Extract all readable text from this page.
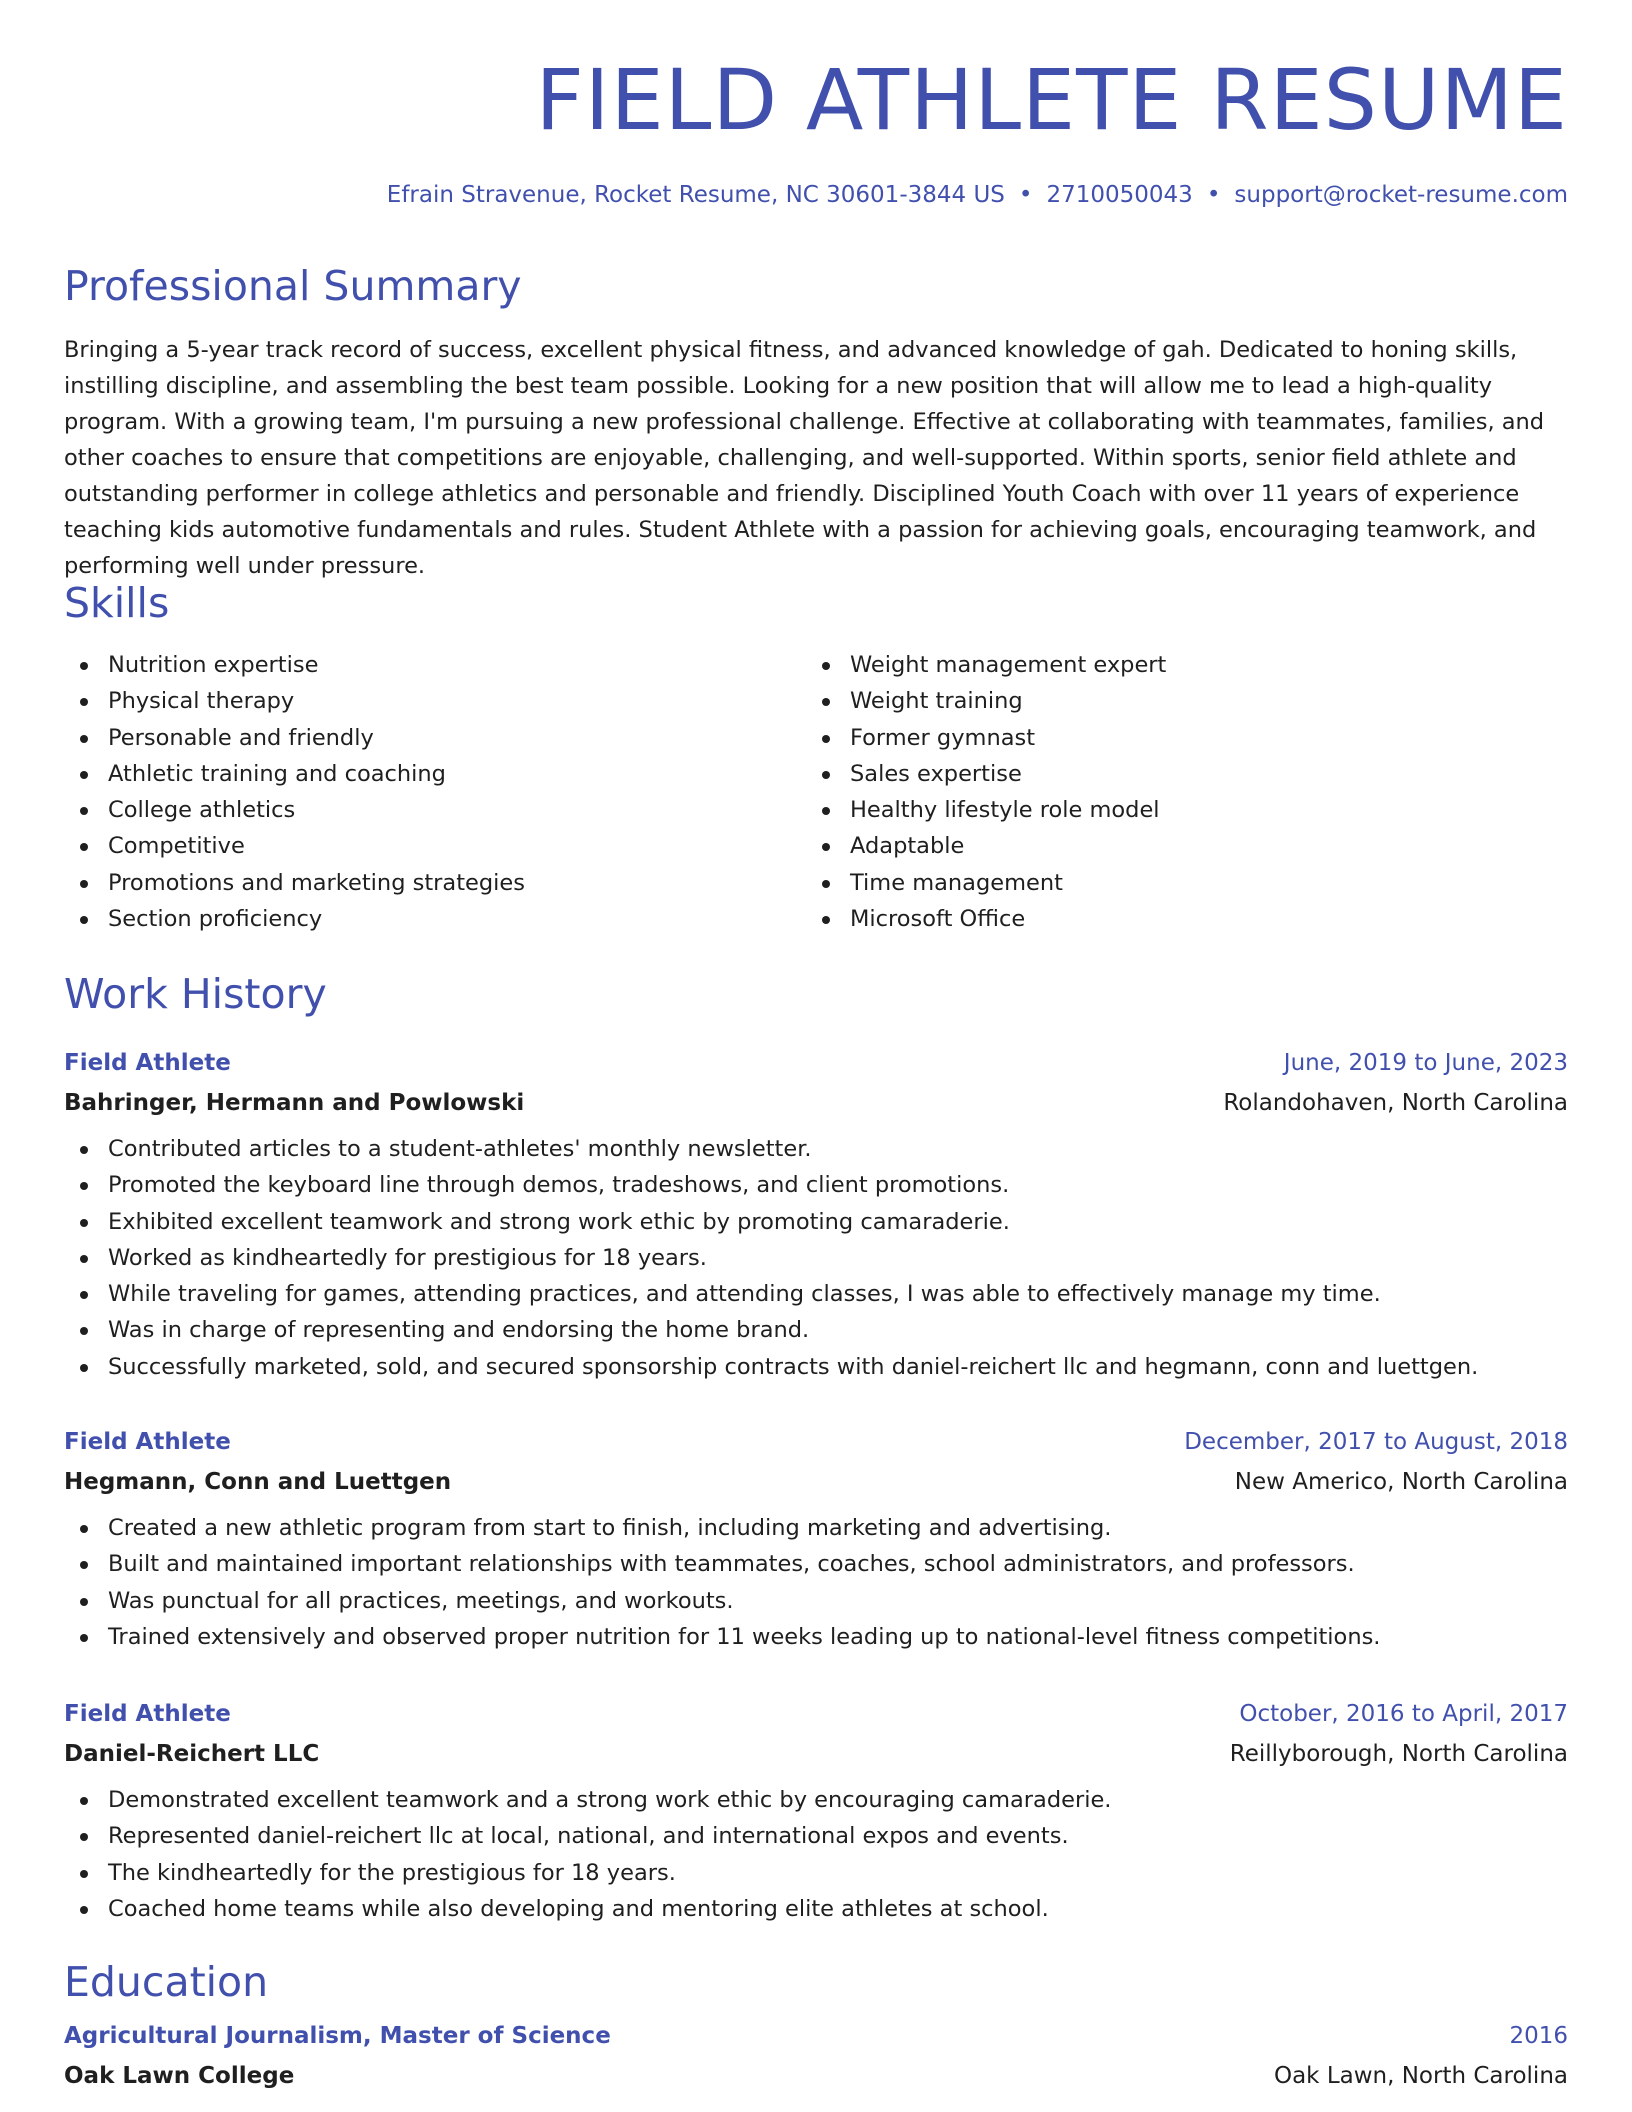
FIELD ATHLETE RESUME
Efrain Stravenue, Rocket Resume, NC 30601-3844 US • 2710050043 • support@rocket-resume.com
Professional Summary
Bringing a 5-year track record of success, excellent physical fitness, and advanced knowledge of gah. Dedicated to honing skills, instilling discipline, and assembling the best team possible. Looking for a new position that will allow me to lead a high-quality program. With a growing team, I'm pursuing a new professional challenge. Effective at collaborating with teammates, families, and other coaches to ensure that competitions are enjoyable, challenging, and well-supported. Within sports, senior field athlete and outstanding performer in college athletics and personable and friendly. Disciplined Youth Coach with over 11 years of experience teaching kids automotive fundamentals and rules. Student Athlete with a passion for achieving goals, encouraging teamwork, and performing well under pressure.
Skills
Nutrition expertise
Physical therapy
Personable and friendly
Athletic training and coaching
College athletics
Competitive
Promotions and marketing strategies
Section proficiency
Weight management expert
Weight training
Former gymnast
Sales expertise
Healthy lifestyle role model
Adaptable
Time management
Microsoft Office
Work History
Field Athlete	June, 2019 to June, 2023
Bahringer, Hermann and Powlowski	Rolandohaven, North Carolina
Contributed articles to a student-athletes' monthly newsletter.
Promoted the keyboard line through demos, tradeshows, and client promotions.
Exhibited excellent teamwork and strong work ethic by promoting camaraderie.
Worked as kindheartedly for prestigious for 18 years.
While traveling for games, attending practices, and attending classes, I was able to effectively manage my time.
Was in charge of representing and endorsing the home brand.
Successfully marketed, sold, and secured sponsorship contracts with daniel-reichert llc and hegmann, conn and luettgen.
Field Athlete	December, 2017 to August, 2018
Hegmann, Conn and Luettgen	New Americo, North Carolina
Created a new athletic program from start to finish, including marketing and advertising.
Built and maintained important relationships with teammates, coaches, school administrators, and professors.
Was punctual for all practices, meetings, and workouts.
Trained extensively and observed proper nutrition for 11 weeks leading up to national-level fitness competitions.
Field Athlete	October, 2016 to April, 2017
Daniel-Reichert LLC	Reillyborough, North Carolina
Demonstrated excellent teamwork and a strong work ethic by encouraging camaraderie.
Represented daniel-reichert llc at local, national, and international expos and events.
The kindheartedly for the prestigious for 18 years.
Coached home teams while also developing and mentoring elite athletes at school.
Education
Agricultural Journalism, Master of Science	2016
Oak Lawn College	Oak Lawn, North Carolina
